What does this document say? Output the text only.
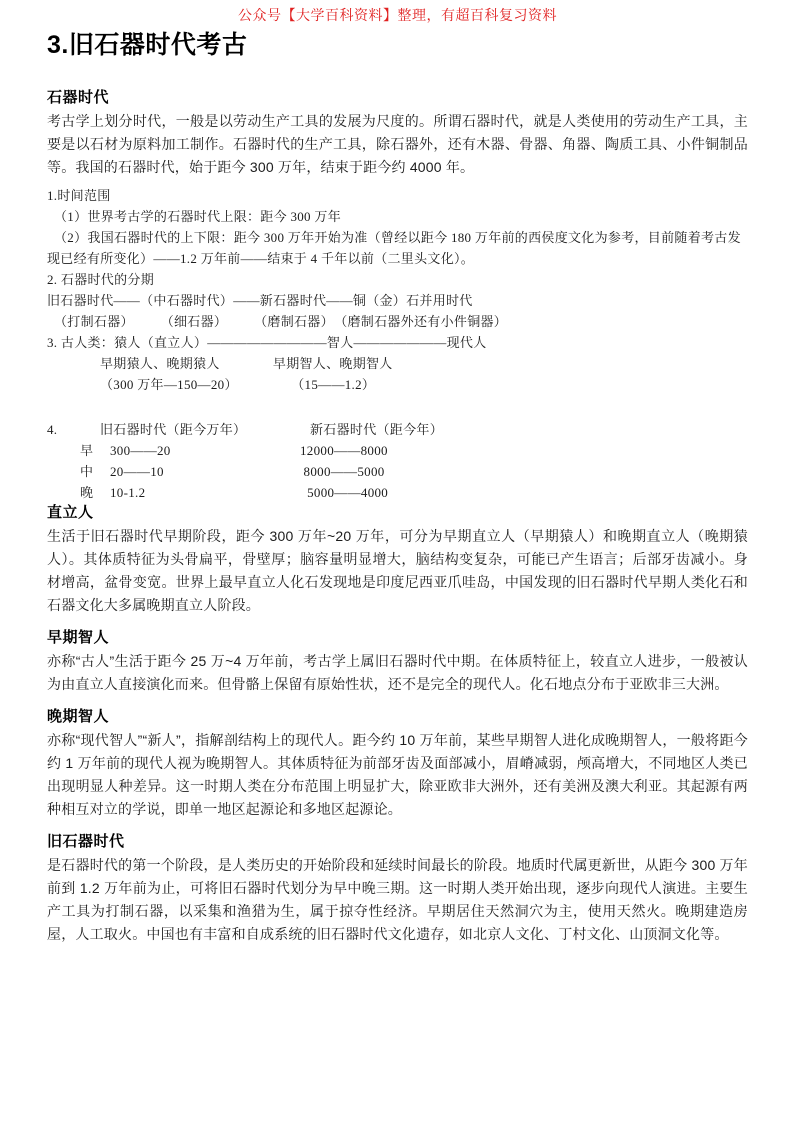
公众号【大学百科资料】整理，有超百科复习资料
3.旧石器时代考古
石器时代

考古学上划分时代，一般是以劳动生产工具的发展为尺度的。所谓石器时代，就是人类使用的劳动生产工具，主要是以石材为原料加工制作。石器时代的生产工具，除石器外，还有木器、骨器、角器、陶质工具、小件铜制品等。我国的石器时代，始于距今 300 万年，结束于距今约 4000 年。

1.时间范围
（1）世界考古学的石器时代上限：距今 300 万年
（2）我国石器时代的上下限：距今 300 万年开始为准（曾经以距今 180 万年前的西侯度文化为参考，目前随着考古发现已经有所变化）——1.2 万年前——结束于 4 千年以前（二里头文化）。
2. 石器时代的分期
旧石器时代——（中石器时代）——新石器时代——铜（金）石并用时代
（打制石器）　　　（细石器）　　　（磨制石器）　（磨制石器外还有小件铜器）
3. 古人类：猿人（直立人）—————————智人———————现代人
早期猿人、晚期猿人　　　　早期智人、晚期智人
（300 万年—150—20）　　　　　（15——1.2）
4.	旧石器时代（距今万年）	新石器时代（距今年）
早	300——20	12000——8000
中	20——10	8000——5000
晚	10-1.2	5000——4000
直立人

生活于旧石器时代早期阶段，距今 300 万年~20 万年，可分为早期直立人（早期猿人）和晚期直立人（晚期猿人）。其体质特征为头骨扁平，骨壁厚；脑容量明显增大，脑结构变复杂，可能已产生语言；后部牙齿减小。身材增高，盆骨变宽。世界上最早直立人化石发现地是印度尼西亚爪哇岛，中国发现的旧石器时代早期人类化石和石器文化大多属晚期直立人阶段。

早期智人

亦称“古人”生活于距今 25 万~4 万年前，考古学上属旧石器时代中期。在体质特征上，较直立人进步，一般被认为由直立人直接演化而来。但骨骼上保留有原始性状，还不是完全的现代人。化石地点分布于亚欧非三大洲。

晚期智人

亦称“现代智人”“新人”，指解剖结构上的现代人。距今约 10 万年前，某些早期智人进化成晚期智人，一般将距今约 1 万年前的现代人视为晚期智人。其体质特征为前部牙齿及面部减小，眉嵴减弱，颅高增大，不同地区人类已出现明显人种差异。这一时期人类在分布范围上明显扩大，除亚欧非大洲外，还有美洲及澳大利亚。其起源有两种相互对立的学说，即单一地区起源论和多地区起源论。

旧石器时代

是石器时代的第一个阶段，是人类历史的开始阶段和延续时间最长的阶段。地质时代属更新世，从距今 300 万年前到 1.2 万年前为止，可将旧石器时代划分为早中晚三期。这一时期人类开始出现，逐步向现代人演进。主要生产工具为打制石器，以采集和渔猎为生，属于掠夺性经济。早期居住天然洞穴为主，使用天然火。晚期建造房屋，人工取火。中国也有丰富和自成系统的旧石器时代文化遗存，如北京人文化、丁村文化、山顶洞文化等。
